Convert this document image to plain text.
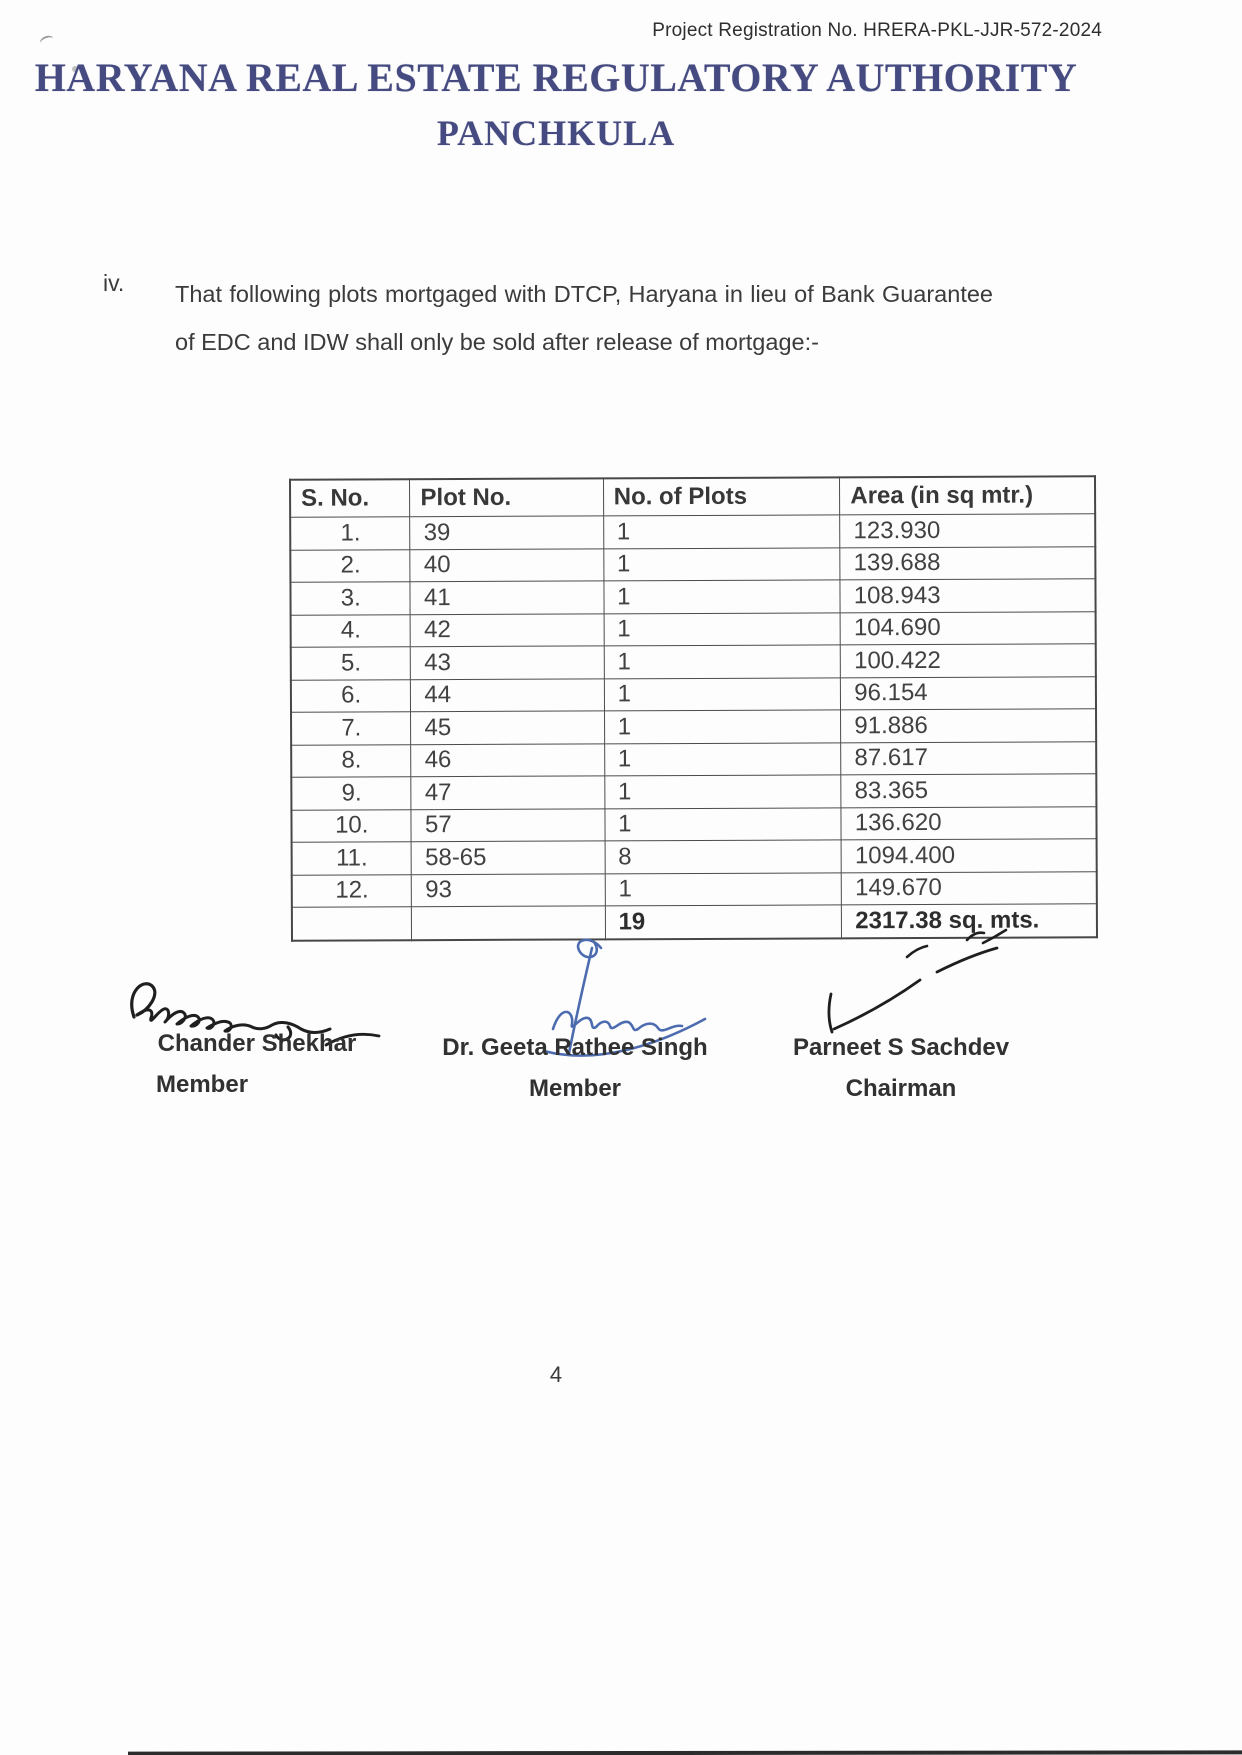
Project Registration No. HRERA-PKL-JJR-572-2024
HARYANA REAL ESTATE REGULATORY AUTHORITY
PANCHKULA
iv. That following plots mortgaged with DTCP, Haryana in lieu of Bank Guarantee of EDC and IDW shall only be sold after release of mortgage:-

S. No.	Plot No.	No. of Plots	Area (in sq mtr.)
1.	39	1	123.930
2.	40	1	139.688
3.	41	1	108.943
4.	42	1	104.690
5.	43	1	100.422
6.	44	1	96.154
7.	45	1	91.886
8.	46	1	87.617
9.	47	1	83.365
10.	57	1	136.620
11.	58-65	8	1094.400
12.	93	1	149.670
		19	2317.38 sq. mts.
Chander Shekhar
Member
Dr. Geeta Rathee Singh
Member
Parneet S Sachdev
Chairman
4
